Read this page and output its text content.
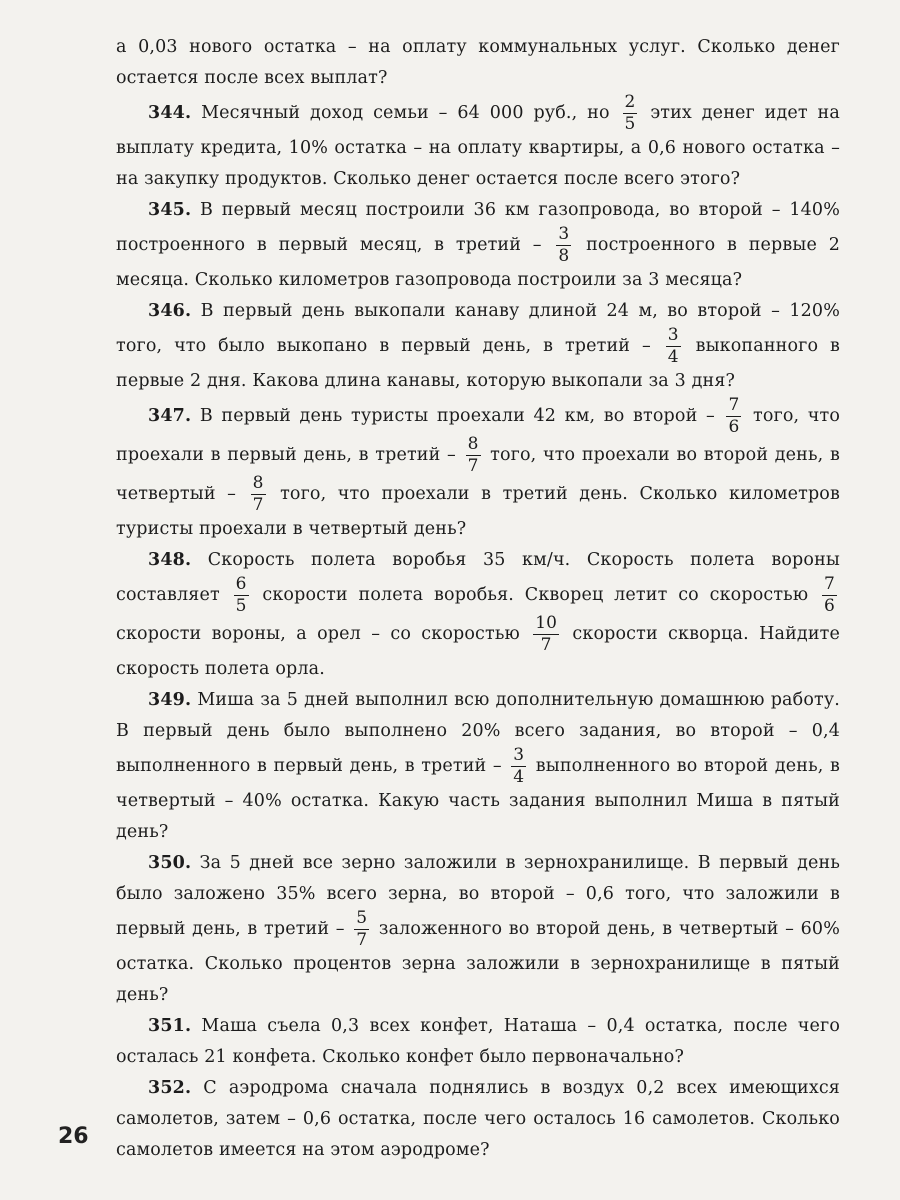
а 0,03 нового остатка – на оплату коммунальных услуг. Сколько денег остается после всех выплат?

344. Месячный доход семьи – 64 000 руб., но $\frac{2}{5}$ этих денег идет на выплату кредита, 10% остатка – на оплату квартиры, а 0,6 нового остатка – на закупку продуктов. Сколько денег остается после всего этого?

345. В первый месяц построили 36 км газопровода, во второй – 140% построенного в первый месяц, в третий – $\frac{3}{8}$ построенного в первые 2 месяца. Сколько километров газопровода построили за 3 месяца?

346. В первый день выкопали канаву длиной 24 м, во второй – 120% того, что было выкопано в первый день, в третий – $\frac{3}{4}$ выкопанного в первые 2 дня. Какова длина канавы, которую выкопали за 3 дня?

347. В первый день туристы проехали 42 км, во второй – $\frac{7}{6}$ того, что проехали в первый день, в третий – $\frac{8}{7}$ того, что проехали во второй день, в четвертый – $\frac{8}{7}$ того, что проехали в третий день. Сколько километров туристы проехали в четвертый день?

348. Скорость полета воробья 35 км/ч. Скорость полета вороны составляет $\frac{6}{5}$ скорости полета воробья. Скворец летит со скоростью $\frac{7}{6}$
скорости вороны, а орел – со скоростью $\frac{10}{7}$ скорости скворца. Найдите скорость полета орла.

349. Миша за 5 дней выполнил всю дополнительную домашнюю работу. В первый день было выполнено 20% всего задания, во второй – 0,4 выполненного в первый день, в третий – $\frac{3}{4}$ выполненного во второй день, в четвертый – 40% остатка. Какую часть задания выполнил Миша в пятый день?

350. За 5 дней все зерно заложили в зернохранилище. В первый день было заложено 35% всего зерна, во второй – 0,6 того, что заложили в первый день, в третий – $\frac{5}{7}$ заложенного во второй день, в четвертый – 60% остатка. Сколько процентов зерна заложили в зернохранилище в пятый день?

351. Маша съела 0,3 всех конфет, Наташа – 0,4 остатка, после чего осталась 21 конфета. Сколько конфет было первоначально?

352. С аэродрома сначала поднялись в воздух 0,2 всех имеющихся самолетов, затем – 0,6 остатка, после чего осталось 16 самолетов. Сколько самолетов имеется на этом аэродроме?

26
